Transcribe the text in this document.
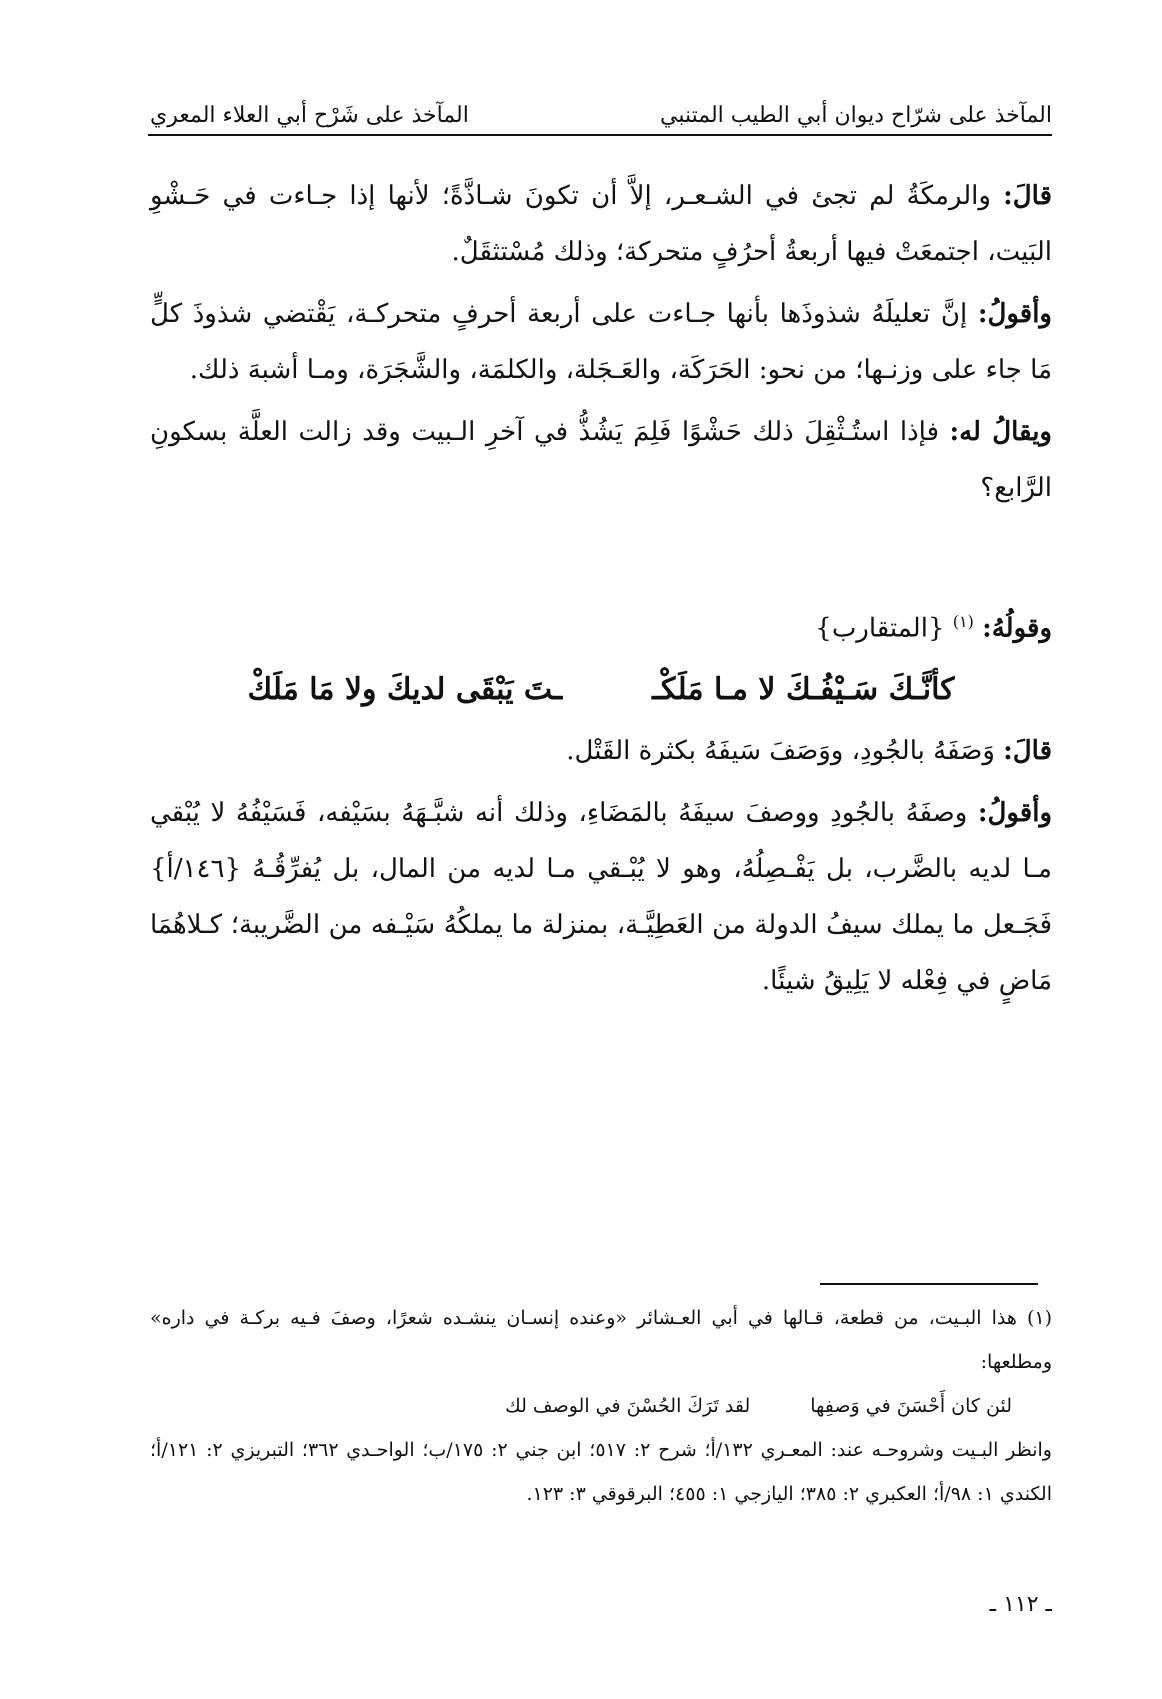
المآخذ على شرّاح ديوان أبي الطيب المتنبي
المآخذ على شَرْح أبي العلاء المعري

قالَ: والرمكَةُ لم تجئ في الشـعـر، إلاَّ أن تكونَ شـاذَّةً؛ لأنها إذا جـاءت في حَـشْوِ البَيت، اجتمعَتْ فيها أربعةُ أحرُفٍ متحركة؛ وذلك مُسْتثقَلٌ.

وأقولُ: إنَّ تعليلَهُ شذوذَها بأنها جـاءت على أربعة أحرفٍ متحركـة، يَقْتضي شذوذَ كلٍّ مَا جاء على وزنـها؛ من نحو: الحَرَكَة، والعَـجَلة، والكلمَة، والشَّجَرَة، ومـا أشبهَ ذلك.

ويقالُ له: فإذا استُـثْقِلَ ذلك حَشْوًا فَلِمَ يَشُذُّ في آخرِ الـبيت وقد زالت العلَّة بسكونِ الرَّابع؟

وقولُهُ: $^{(١)}$ {المتقارب}

كأنَّـكَ سَـيْفُـكَ لا مـا مَلَكْـ
ـتَ يَبْقَى لديكَ ولا مَا مَلَكْ

قالَ: وَصَفَهُ بالجُودِ، ووَصَفَ سَيفَهُ بكثرة القَتْل.

وأقولُ: وصفَهُ بالجُودِ ووصفَ سيفَهُ بالمَضَاءِ، وذلك أنه شبَّـهَهُ بسَيْفه، فَسَيْفُهُ لا يُبْقي مـا لديه بالضَّرب، بل يَفْـصِلُهُ، وهو لا يُبْـقي مـا لديه من المال، بل يُفرِّقُـهُ {١٤٦/أ} فَجَـعل ما يملك سيفُ الدولة من العَطِيَّـة، بمنزلة ما يملكُهُ سَيْـفه من الضَّريبة؛ كـلاهُمَا مَاضٍ في فِعْله لا يَلِيقُ شيئًا.

(١) هذا البـيت، من قطعة، قـالها في أبي العـشائر «وعنده إنسـان ينشـده شعرًا، وصفَ فـيه بركـة في داره» ومطلعها:

لئن كان أَحْسَنَ في وَصفِها
لقد تَرَكَ الحُسْنَ في الوصف لك

وانظر البـيت وشروحـه عند: المعـري ١٣٢/أ؛ شرح ٢: ٥١٧؛ ابن جني ٢: ١٧٥/ب؛ الواحـدي ٣٦٢؛ التبريزي ٢: ١٢١/أ؛ الكندي ١: ٩٨/أ؛ العكبري ٢: ٣٨٥؛ اليازجي ١: ٤٥٥؛ البرقوقي ٣: ١٢٣.

ـ ١١٢ ـ
